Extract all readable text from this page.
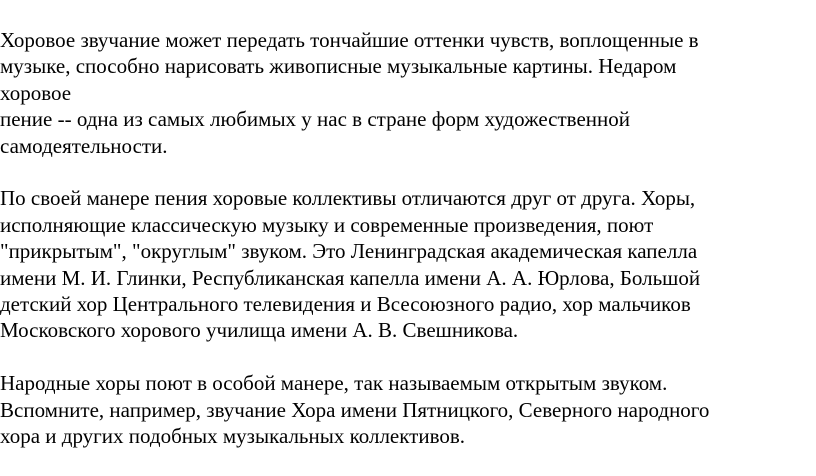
Хоровое звучание может передать тончайшие оттенки чувств, воплощенные в
музыке, способно нарисовать живописные музыкальные картины. Недаром
хоровое
пение -- одна из самых любимых у нас в стране форм художественной
самодеятельности.
По своей манере пения хоровые коллективы отличаются друг от друга. Хоры,
исполняющие классическую музыку и современные произведения, поют
"прикрытым", "округлым" звуком. Это Ленинградская академическая капелла
имени М. И. Глинки, Республиканская капелла имени А. А. Юрлова, Большой
детский хор Центрального телевидения и Всесоюзного радио, хор мальчиков
Московского хорового училища имени А. В. Свешникова.
Народные хоры поют в особой манере, так называемым открытым звуком.
Вспомните, например, звучание Хора имени Пятницкого, Северного народного
хора и других подобных музыкальных коллективов.
